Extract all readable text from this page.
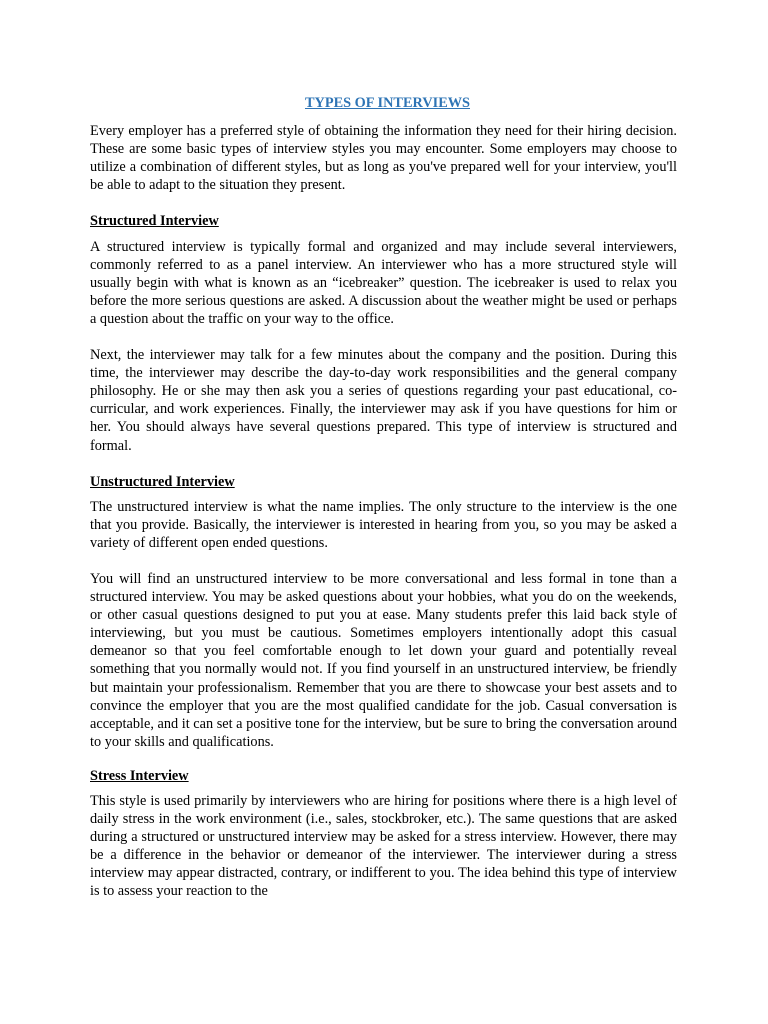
TYPES OF INTERVIEWS

Every employer has a preferred style of obtaining the information they need for their hiring decision. These are some basic types of interview styles you may encounter. Some employers may choose to utilize a combination of different styles, but as long as you've prepared well for your interview, you'll be able to adapt to the situation they present.

Structured Interview

A structured interview is typically formal and organized and may include several interviewers, commonly referred to as a panel interview. An interviewer who has a more structured style will usually begin with what is known as an “icebreaker” question. The icebreaker is used to relax you before the more serious questions are asked. A discussion about the weather might be used or perhaps a question about the traffic on your way to the office.

Next, the interviewer may talk for a few minutes about the company and the position. During this time, the interviewer may describe the day-to-day work responsibilities and the general company philosophy. He or she may then ask you a series of questions regarding your past educational, co-curricular, and work experiences. Finally, the interviewer may ask if you have questions for him or her. You should always have several questions prepared. This type of interview is structured and formal.

Unstructured Interview

The unstructured interview is what the name implies. The only structure to the interview is the one that you provide. Basically, the interviewer is interested in hearing from you, so you may be asked a variety of different open ended questions.

You will find an unstructured interview to be more conversational and less formal in tone than a structured interview. You may be asked questions about your hobbies, what you do on the weekends, or other casual questions designed to put you at ease. Many students prefer this laid back style of interviewing, but you must be cautious. Sometimes employers intentionally adopt this casual demeanor so that you feel comfortable enough to let down your guard and potentially reveal something that you normally would not. If you find yourself in an unstructured interview, be friendly but maintain your professionalism. Remember that you are there to showcase your best assets and to convince the employer that you are the most qualified candidate for the job. Casual conversation is acceptable, and it can set a positive tone for the interview, but be sure to bring the conversation around to your skills and qualifications.

Stress Interview

This style is used primarily by interviewers who are hiring for positions where there is a high level of daily stress in the work environment (i.e., sales, stockbroker, etc.). The same questions that are asked during a structured or unstructured interview may be asked for a stress interview. However, there may be a difference in the behavior or demeanor of the interviewer. The interviewer during a stress interview may appear distracted, contrary, or indifferent to you. The idea behind this type of interview is to assess your reaction to the
